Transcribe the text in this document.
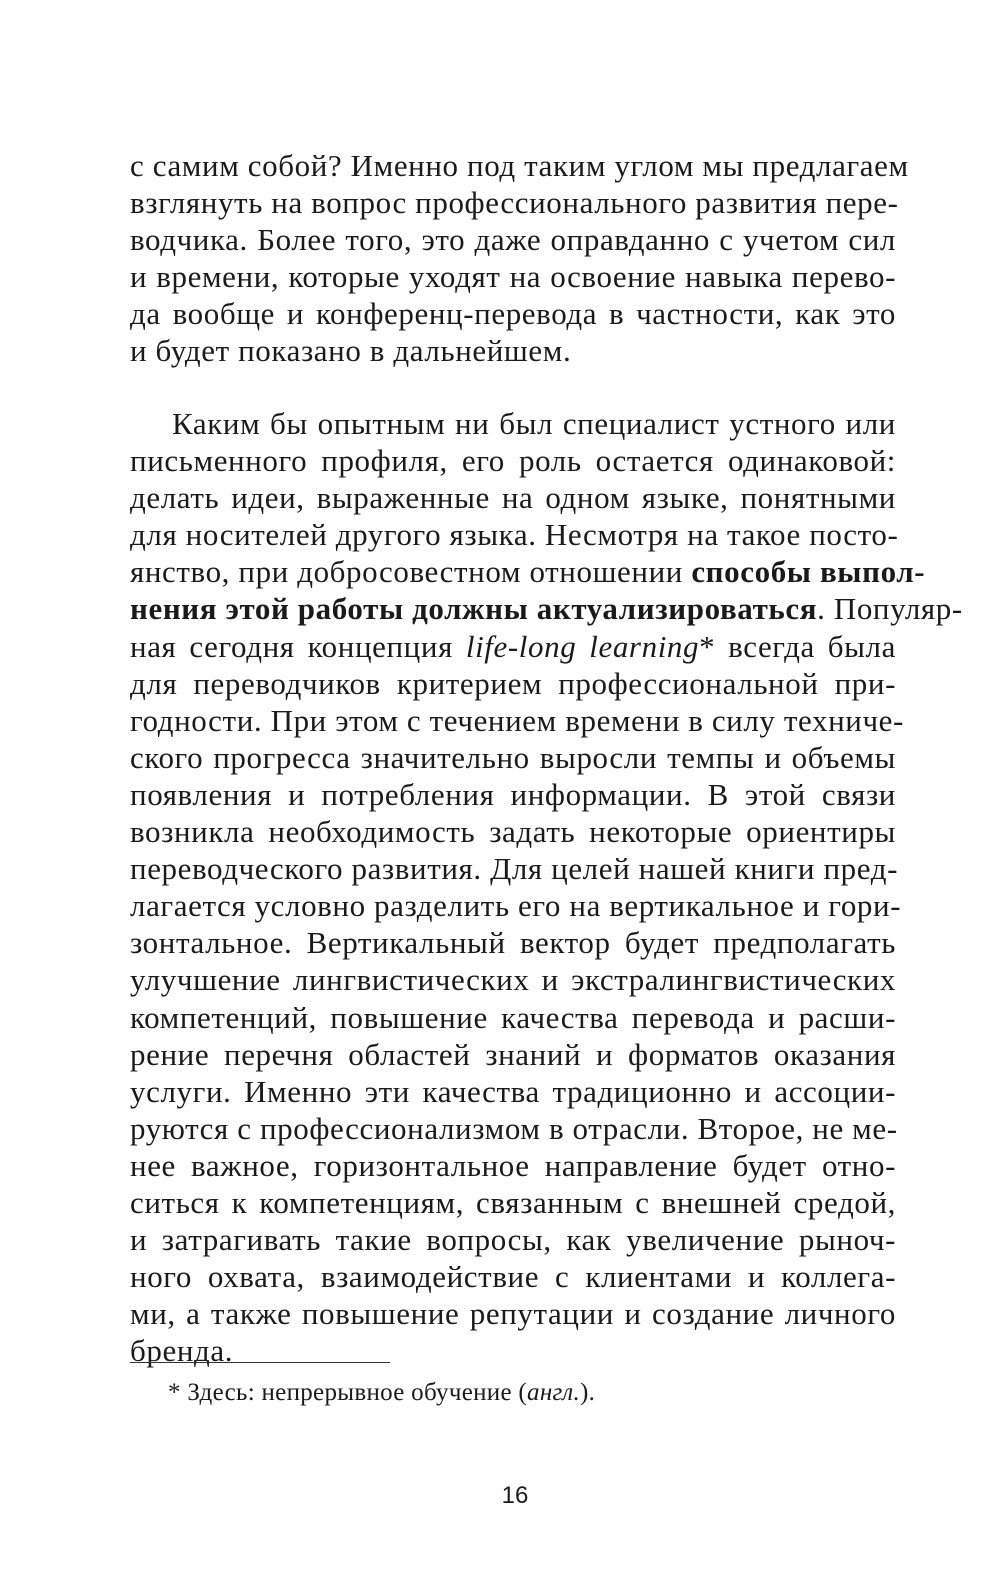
с самим собой? Именно под таким углом мы предлагаем
взглянуть на вопрос профессионального развития пере-
водчика. Более того, это даже оправданно с учетом сил
и времени, которые уходят на освоение навыка перево-
да вообще и конференц-перевода в частности, как это
и будет показано в дальнейшем.
Каким бы опытным ни был специалист устного или
письменного профиля, его роль остается одинаковой:
делать идеи, выраженные на одном языке, понятными
для носителей другого языка. Несмотря на такое посто-
янство, при добросовестном отношении способы выпол-
нения этой работы должны актуализироваться. Популяр-
ная сегодня концепция life-long learning* всегда была
для переводчиков критерием профессиональной при-
годности. При этом с течением времени в силу техниче-
ского прогресса значительно выросли темпы и объемы
появления и потребления информации. В этой связи
возникла необходимость задать некоторые ориентиры
переводческого развития. Для целей нашей книги пред-
лагается условно разделить его на вертикальное и гори-
зонтальное. Вертикальный вектор будет предполагать
улучшение лингвистических и экстралингвистических
компетенций, повышение качества перевода и расши-
рение перечня областей знаний и форматов оказания
услуги. Именно эти качества традиционно и ассоции-
руются с профессионализмом в отрасли. Второе, не ме-
нее важное, горизонтальное направление будет отно-
ситься к компетенциям, связанным с внешней средой,
и затрагивать такие вопросы, как увеличение рыноч-
ного охвата, взаимодействие с клиентами и коллега-
ми, а также повышение репутации и создание личного
бренда.
* Здесь: непрерывное обучение (англ.).
16
